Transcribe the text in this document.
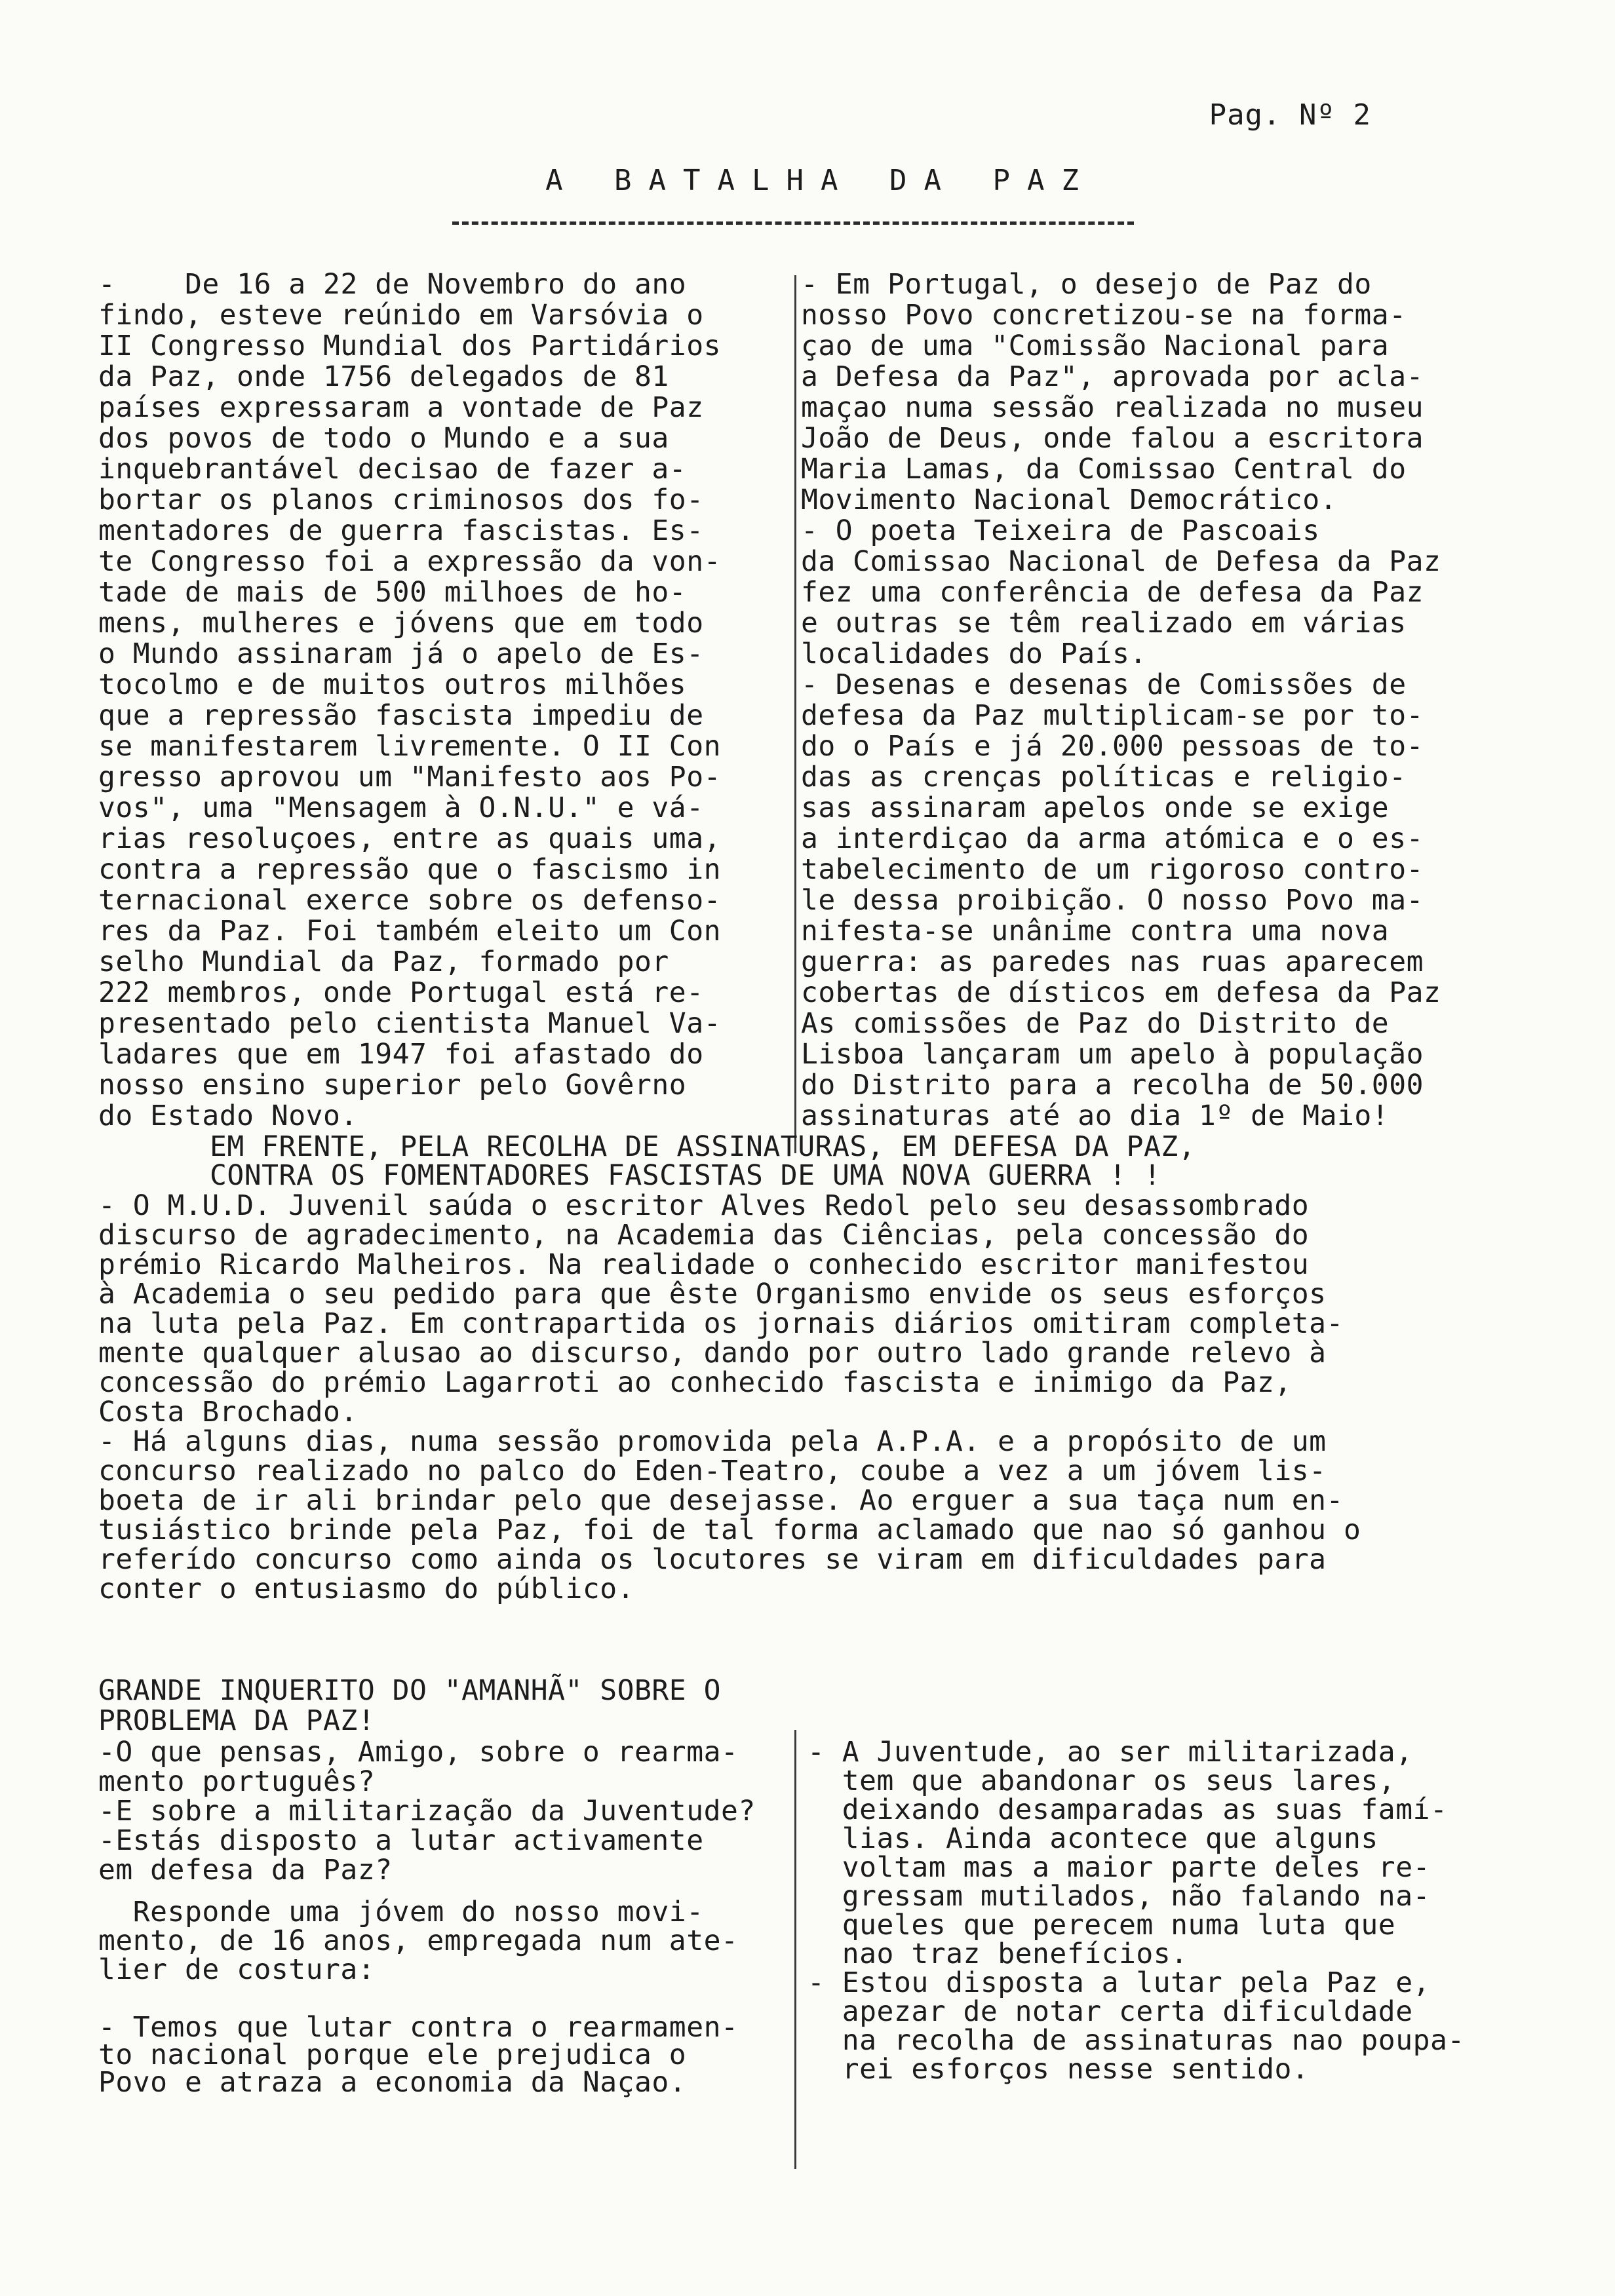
Pag. Nº 2
A BATALHA DA PAZ
-    De 16 a 22 de Novembro do ano
findo, esteve reúnido em Varsóvia o
II Congresso Mundial dos Partidários
da Paz, onde 1756 delegados de 81
países expressaram a vontade de Paz
dos povos de todo o Mundo e a sua
inquebrantável decisao de fazer a-
bortar os planos criminosos dos fo-
mentadores de guerra fascistas. Es-
te Congresso foi a expressão da von-
tade de mais de 500 milhoes de ho-
mens, mulheres e jóvens que em todo
o Mundo assinaram já o apelo de Es-
tocolmo e de muitos outros milhões
que a repressão fascista impediu de
se manifestarem livremente. O II Con
gresso aprovou um "Manifesto aos Po-
vos", uma "Mensagem à O.N.U." e vá-
rias resoluçoes, entre as quais uma,
contra a repressão que o fascismo in
ternacional exerce sobre os defenso-
res da Paz. Foi também eleito um Con
selho Mundial da Paz, formado por
222 membros, onde Portugal está re-
presentado pelo cientista Manuel Va-
ladares que em 1947 foi afastado do
nosso ensino superior pelo Govêrno
do Estado Novo.
- Em Portugal, o desejo de Paz do
nosso Povo concretizou-se na forma-
çao de uma "Comissão Nacional para
a Defesa da Paz", aprovada por acla-
maçao numa sessão realizada no museu
João de Deus, onde falou a escritora
Maria Lamas, da Comissao Central do
Movimento Nacional Democrático.
- O poeta Teixeira de Pascoais
da Comissao Nacional de Defesa da Paz
fez uma conferência de defesa da Paz
e outras se têm realizado em várias
localidades do País.
- Desenas e desenas de Comissões de
defesa da Paz multiplicam-se por to-
do o País e já 20.000 pessoas de to-
das as crenças políticas e religio-
sas assinaram apelos onde se exige
a interdiçao da arma atómica e o es-
tabelecimento de um rigoroso contro-
le dessa proibição. O nosso Povo ma-
nifesta-se unânime contra uma nova
guerra: as paredes nas ruas aparecem
cobertas de dísticos em defesa da Paz
As comissões de Paz do Distrito de
Lisboa lançaram um apelo à população
do Distrito para a recolha de 50.000
assinaturas até ao dia 1º de Maio!
EM FRENTE, PELA RECOLHA DE ASSINATURAS, EM DEFESA DA PAZ,
CONTRA OS FOMENTADORES FASCISTAS DE UMA NOVA GUERRA ! !
- O M.U.D. Juvenil saúda o escritor Alves Redol pelo seu desassombrado
discurso de agradecimento, na Academia das Ciências, pela concessão do
prémio Ricardo Malheiros. Na realidade o conhecido escritor manifestou
à Academia o seu pedido para que êste Organismo envide os seus esforços
na luta pela Paz. Em contrapartida os jornais diários omitiram completa-
mente qualquer alusao ao discurso, dando por outro lado grande relevo à
concessão do prémio Lagarroti ao conhecido fascista e inimigo da Paz,
Costa Brochado.
- Há alguns dias, numa sessão promovida pela A.P.A. e a propósito de um
concurso realizado no palco do Eden-Teatro, coube a vez a um jóvem lis-
boeta de ir ali brindar pelo que desejasse. Ao erguer a sua taça num en-
tusiástico brinde pela Paz, foi de tal forma aclamado que nao só ganhou o
referído concurso como ainda os locutores se viram em dificuldades para
conter o entusiasmo do público.
GRANDE INQUERITO DO "AMANHÃ" SOBRE O
PROBLEMA DA PAZ!
-O que pensas, Amigo, sobre o rearma-
mento português?
-E sobre a militarização da Juventude?
-Estás disposto a lutar activamente
em defesa da Paz?
Responde uma jóvem do nosso movi-
mento, de 16 anos, empregada num ate-
lier de costura:
- Temos que lutar contra o rearmamen-
to nacional porque ele prejudica o
Povo e atraza a economia da Naçao.
- A Juventude, ao ser militarizada,
tem que abandonar os seus lares,
deixando desamparadas as suas famí-
lias. Ainda acontece que alguns
voltam mas a maior parte deles re-
gressam mutilados, não falando na-
queles que perecem numa luta que
nao traz benefícios.
- Estou disposta a lutar pela Paz e,
apezar de notar certa dificuldade
na recolha de assinaturas nao poupa-
rei esforços nesse sentido.
